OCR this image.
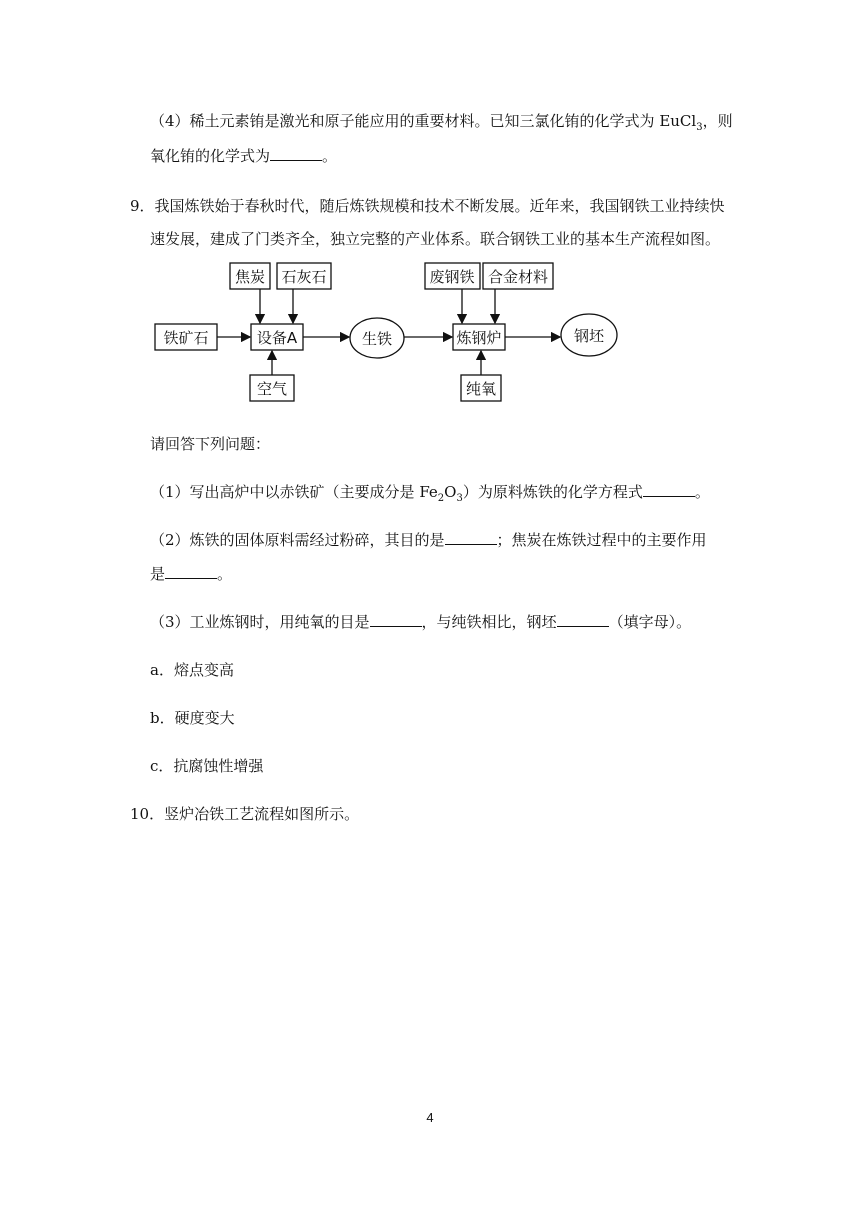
（4）稀土元素铕是激光和原子能应用的重要材料。已知三氯化铕的化学式为 EuCl$_3$，则
氧化铕的化学式为	。
9．我国炼铁始于春秋时代，随后炼铁规模和技术不断发展。近年来，我国钢铁工业持续快
速发展，建成了门类齐全，独立完整的产业体系。联合钢铁工业的基本生产流程如图。
焦炭 石灰石
铁矿石	设备A
空气
生铁
废钢铁 合金材料
炼钢炉
纯氧
钢坯
请回答下列问题：
（1）写出高炉中以赤铁矿（主要成分是 $Fe_2O_3$）为原料炼铁的化学方程式	。
（2）炼铁的固体原料需经过粉碎，其目的是	；焦炭在炼铁过程中的主要作用
是	。
（3）工业炼钢时，用纯氧的目是	，与纯铁相比，钢坯	（填字母）。
a．熔点变高
b．硬度变大
c．抗腐蚀性增强
10．竖炉冶铁工艺流程如图所示。
4
